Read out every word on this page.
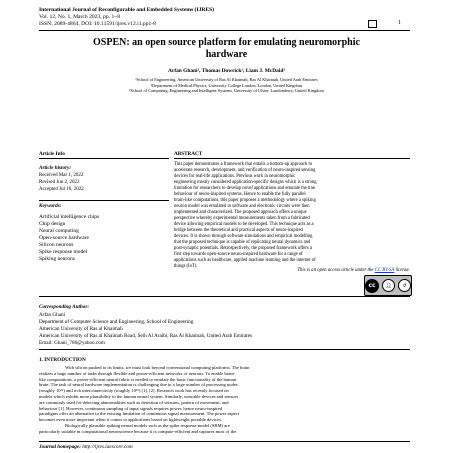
International Journal of Reconfigurable and Embedded Systems (IJRES)
Vol. 12, No. 1, March 2023, pp. 1~8
ISSN: 2089-4864, DOI: 10.11591/ijres.v12.i1.pp1-8	1
OSPEN: an open source platform for emulating neuromorphic
hardware
Arfan Ghani¹, Thomas Dowrick², Liam J. McDaid³
¹School of Engineering, American University of Ras Al Khaimah, Ras Al Khaimah, United Arab Emirates
²Department of Medical Physics, University College London, London, United Kingdom
³School of Computing, Engineering and Intelligent Systems, University of Ulster, Londonderry, United Kingdom
Article Info
Article history:
Received Mar 1, 2022
Revised Jun 2, 2022
Accepted Jul 16, 2022
Keywords:
Artificial intelligence chips
Chip design
Neural computing
Open-source hardware
Silicon neurons
Spike response model
Spiking neurons
ABSTRACT
This paper demonstrates a framework that entails a bottom-up approach to
accelerate research, development, and verification of neuro-inspired sensing
devices for real-life applications. Previous work in neuromorphic
engineering mostly considered application-specific designs which is a strong
limitation for researchers to develop novel applications and emulate the true
behaviour of neuro-inspired systems. Hence to enable the fully parallel
brain-like computations, this paper proposes a methodology where a spiking
neuron model was emulated in software and electronic circuits were then
implemented and characterized. The proposed approach offers a unique
perspective whereby experimental measurements taken from a fabricated
device allowing empirical models to be developed. This technique acts as a
bridge between the theoretical and practical aspects of neuro-inspired
devices. It is shown through software simulations and empirical modelling
that the proposed technique is capable of replicating neural dynamics and
post-synaptic potentials. Retrospectively, the proposed framework offers a
first step towards open-source neuro-inspired hardware for a range of
applications such as healthcare, applied machine learning and the internet of
things (IoT).
This is an open access article under the CC BY-SA license.
cc	👤︎	↺
Corresponding Author:
Arfan Ghani
Department of Computer Science and Engineering, School of Engineering
American University of Ras al Khaimah
American University of Ras al Khaimah Road, Seih Al Araibi, Ras Al Khaimah, United Arab Emirates
Email: Ghani_786@yahoo.com
1. INTRODUCTION
With silicon pushed to its limits, we must look beyond conventional computing platforms. The brain
realizes a huge number of tasks through flexible and power-efficient networks of neurons. To enable brain-
like computations, a power-efficient neural fabric is needed to emulate the basic functionality of the human
brain. The task of neural hardware implementation is challenging due to a large number of processing nodes
(roughly 10¹¹) and rich interconnectivity (roughly 10¹⁵) [1], [2]. Research work has recently focused on
models which exhibit more plausibility to the human neural system. Similarly, wearable devices and sensors
are commonly used for detecting abnormalities such as detection of seizures, pattern of movement, and
behaviour [1]. However, continuous sampling of input signals requires power, hence neuro-inspired
paradigms offer an alternative to the existing limitation of continuous signal measurement. The power aspect
becomes even more important when it comes to applications based on lightweight portable devices.
Biologically plausible spiking neural models such as the spike response model (SRM) are
particularly suitable in computational neuroscience because it is compute-efficient and captures most of the
Journal homepage: http://ijres.iaescore.com
